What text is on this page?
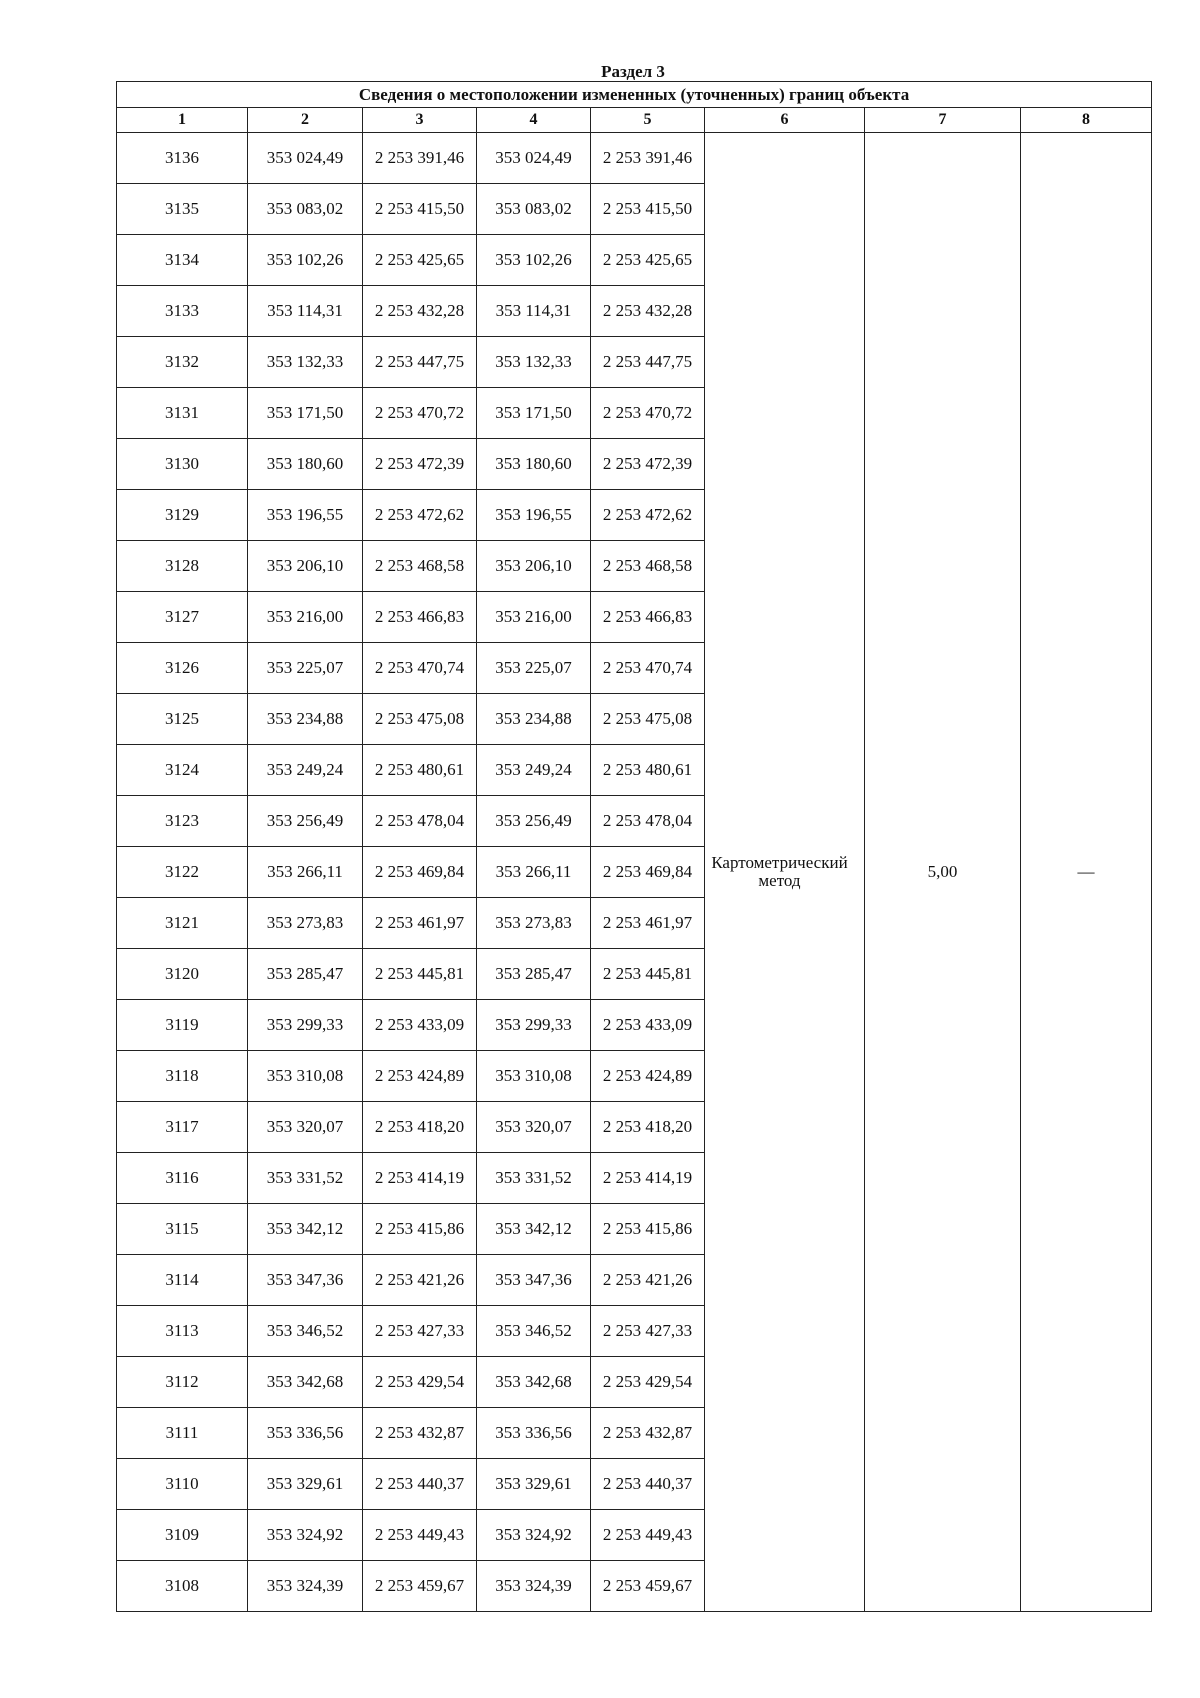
Раздел 3
Сведения о местоположении измененных (уточненных) границ объекта							
1	2	3	4	5	6	7	8
3136	353 024,49	2 253 391,46	353 024,49	2 253 391,46	Картометрический метод	5,00	—
3135	353 083,02	2 253 415,50	353 083,02	2 253 415,50			
3134	353 102,26	2 253 425,65	353 102,26	2 253 425,65			
3133	353 114,31	2 253 432,28	353 114,31	2 253 432,28			
3132	353 132,33	2 253 447,75	353 132,33	2 253 447,75			
3131	353 171,50	2 253 470,72	353 171,50	2 253 470,72			
3130	353 180,60	2 253 472,39	353 180,60	2 253 472,39			
3129	353 196,55	2 253 472,62	353 196,55	2 253 472,62			
3128	353 206,10	2 253 468,58	353 206,10	2 253 468,58			
3127	353 216,00	2 253 466,83	353 216,00	2 253 466,83			
3126	353 225,07	2 253 470,74	353 225,07	2 253 470,74			
3125	353 234,88	2 253 475,08	353 234,88	2 253 475,08			
3124	353 249,24	2 253 480,61	353 249,24	2 253 480,61			
3123	353 256,49	2 253 478,04	353 256,49	2 253 478,04			
3122	353 266,11	2 253 469,84	353 266,11	2 253 469,84			
3121	353 273,83	2 253 461,97	353 273,83	2 253 461,97			
3120	353 285,47	2 253 445,81	353 285,47	2 253 445,81			
3119	353 299,33	2 253 433,09	353 299,33	2 253 433,09			
3118	353 310,08	2 253 424,89	353 310,08	2 253 424,89			
3117	353 320,07	2 253 418,20	353 320,07	2 253 418,20			
3116	353 331,52	2 253 414,19	353 331,52	2 253 414,19			
3115	353 342,12	2 253 415,86	353 342,12	2 253 415,86			
3114	353 347,36	2 253 421,26	353 347,36	2 253 421,26			
3113	353 346,52	2 253 427,33	353 346,52	2 253 427,33			
3112	353 342,68	2 253 429,54	353 342,68	2 253 429,54			
3111	353 336,56	2 253 432,87	353 336,56	2 253 432,87			
3110	353 329,61	2 253 440,37	353 329,61	2 253 440,37			
3109	353 324,92	2 253 449,43	353 324,92	2 253 449,43			
3108	353 324,39	2 253 459,67	353 324,39	2 253 459,67			
